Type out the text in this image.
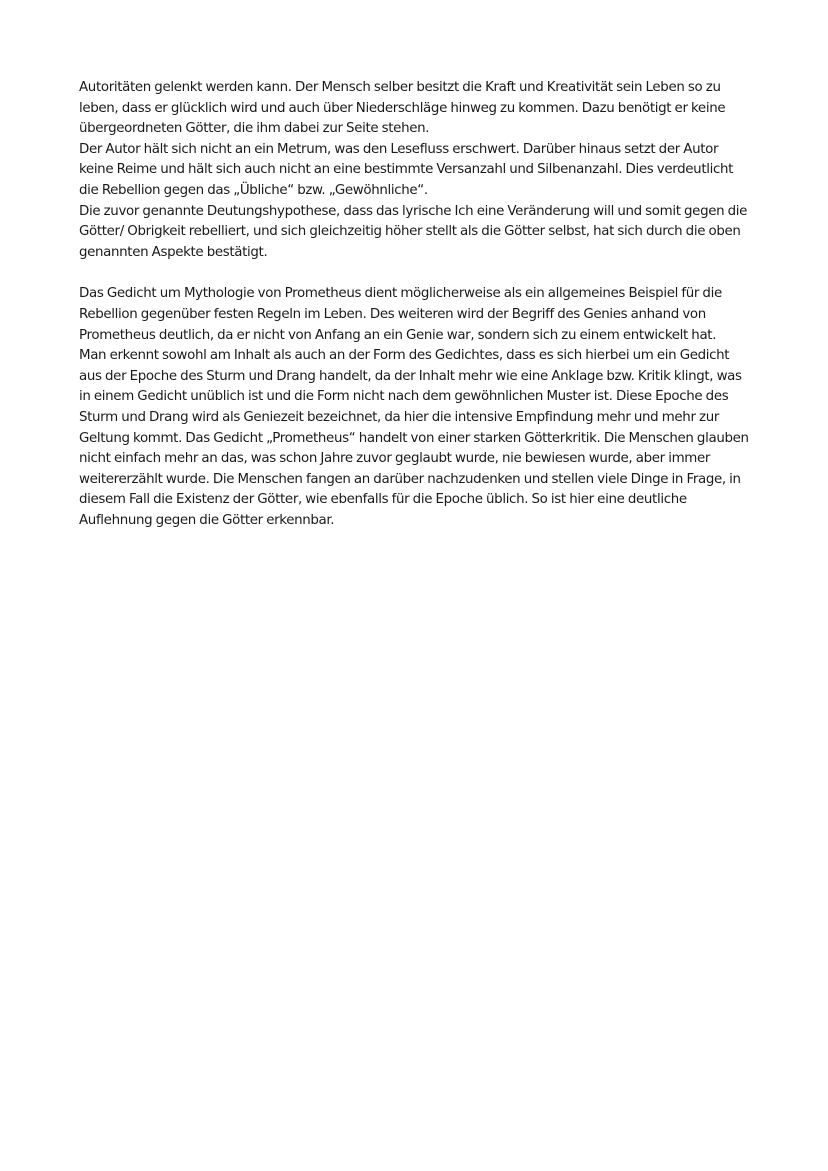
Autoritäten gelenkt werden kann. Der Mensch selber besitzt die Kraft und Kreativität sein Leben so zu leben, dass er glücklich wird und auch über Niederschläge hinweg zu kommen. Dazu benötigt er keine übergeordneten Götter, die ihm dabei zur Seite stehen.

Der Autor hält sich nicht an ein Metrum, was den Lesefluss erschwert. Darüber hinaus setzt der Autor keine Reime und hält sich auch nicht an eine bestimmte Versanzahl und Silbenanzahl. Dies verdeutlicht die Rebellion gegen das „Übliche“ bzw. „Gewöhnliche“.

Die zuvor genannte Deutungshypothese, dass das lyrische Ich eine Veränderung will und somit gegen die Götter/ Obrigkeit rebelliert, und sich gleichzeitig höher stellt als die Götter selbst, hat sich durch die oben genannten Aspekte bestätigt.

Das Gedicht um Mythologie von Prometheus dient möglicherweise als ein allgemeines Beispiel für die Rebellion gegenüber festen Regeln im Leben. Des weiteren wird der Begriff des Genies anhand von Prometheus deutlich, da er nicht von Anfang an ein Genie war, sondern sich zu einem entwickelt hat.

Man erkennt sowohl am Inhalt als auch an der Form des Gedichtes, dass es sich hierbei um ein Gedicht aus der Epoche des Sturm und Drang handelt, da der Inhalt mehr wie eine Anklage bzw. Kritik klingt, was in einem Gedicht unüblich ist und die Form nicht nach dem gewöhnlichen Muster ist. Diese Epoche des Sturm und Drang wird als Geniezeit bezeichnet, da hier die intensive Empfindung mehr und mehr zur Geltung kommt. Das Gedicht „Prometheus“ handelt von einer starken Götterkritik. Die Menschen glauben nicht einfach mehr an das, was schon Jahre zuvor geglaubt wurde, nie bewiesen wurde, aber immer weitererzählt wurde. Die Menschen fangen an darüber nachzudenken und stellen viele Dinge in Frage, in diesem Fall die Existenz der Götter, wie ebenfalls für die Epoche üblich. So ist hier eine deutliche Auflehnung gegen die Götter erkennbar.
